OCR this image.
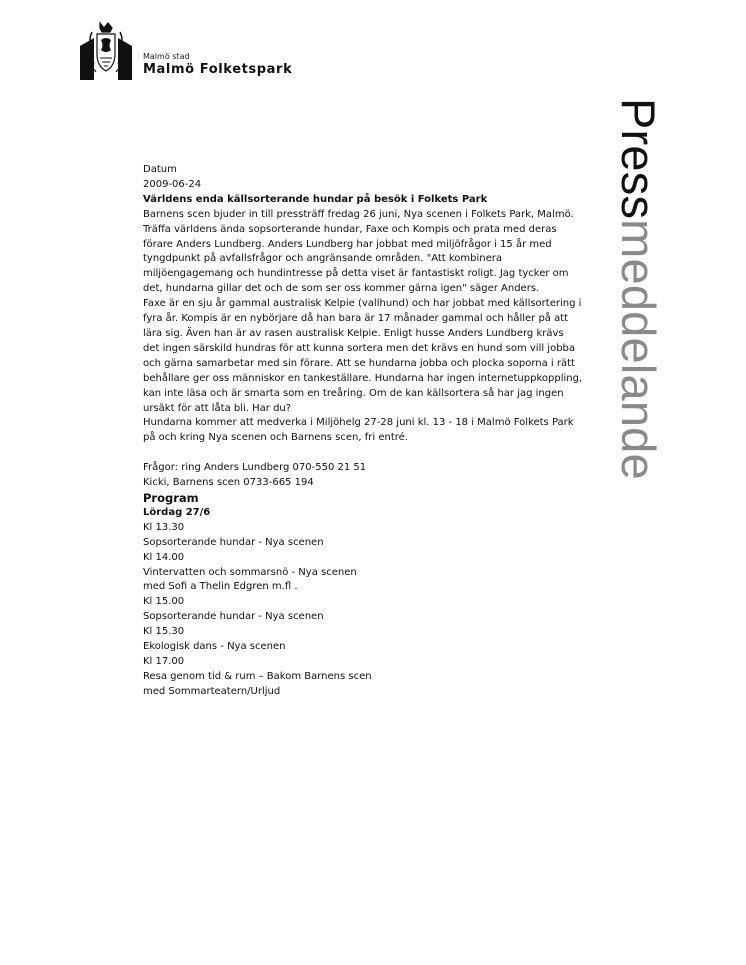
Malmö stad
Malmö Folketspark
Pressmeddelande

Datum

2009-06-24

Världens enda källsorterande hundar på besök i Folkets Park

Barnens scen bjuder in till pressträff fredag 26 juni, Nya scenen i Folkets Park, Malmö. Träffa världens ända sopsorterande hundar, Faxe och Kompis och prata med deras förare Anders Lundberg. Anders Lundberg har jobbat med miljöfrågor i 15 år med tyngdpunkt på avfallsfrågor och angränsande områden. "Att kombinera miljöengagemang och hundintresse på detta viset är fantastiskt roligt. Jag tycker om det, hundarna gillar det och de som ser oss kommer gärna igen" säger Anders.

Faxe är en sju år gammal australisk Kelpie (vallhund) och har jobbat med källsortering i fyra år. Kompis är en nybörjare då han bara är 17 månader gammal och håller på att lära sig. Även han är av rasen australisk Kelpie. Enligt husse Anders Lundberg krävs det ingen särskild hundras för att kunna sortera men det krävs en hund som vill jobba och gärna samarbetar med sin förare. Att se hundarna jobba och plocka soporna i rätt behållare ger oss människor en tankeställare. Hundarna har ingen internetuppkoppling, kan inte läsa och är smarta som en treåring. Om de kan källsortera så har jag ingen ursäkt för att låta bli. Har du?

Hundarna kommer att medverka i Miljöhelg 27-28 juni kl. 13 - 18 i Malmö Folkets Park på och kring Nya scenen och Barnens scen, fri entré.

Frågor: ring Anders Lundberg 070-550 21 51

Kicki, Barnens scen 0733-665 194

Program

Lördag 27/6

Kl 13.30
Sopsorterande hundar - Nya scenen
Kl 14.00
Vintervatten och sommarsnö - Nya scenen
med Sofi a Thelin Edgren m.fl .
Kl 15.00
Sopsorterande hundar - Nya scenen
Kl 15.30
Ekologisk dans - Nya scenen
Kl 17.00
Resa genom tid & rum – Bakom Barnens scen
med Sommarteatern/Urljud
